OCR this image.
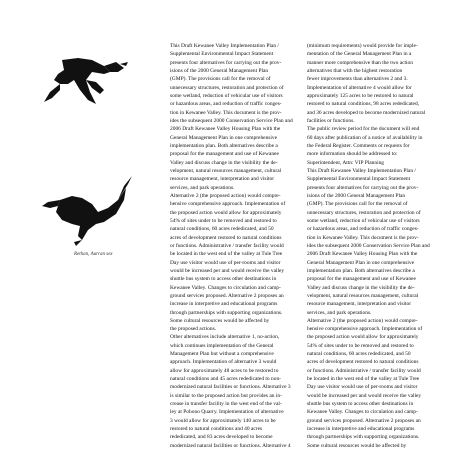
Rethan, Aurran sex

This Draft Kewanee Valley Implementation Plan /

Supplemental Environmental Impact Statement

presents four alternatives for carrying out the prov-

isions of the 2000 General Management Plan

(GMP). The provisions call for the removal of

unnecessary structures, restoration and protection of

some wetland, reduction of vehicular use of visitors

or hazardous areas, and reduction of traffic conges-

tion in Kewanee Valley. This document is the prov-

ides the subsequent 2000 Conservation Service Plan and

2006 Draft Kewanee Valley Housing Plan with the

General Management Plan in one comprehensive

implementation plan. Both alternatives describe a

proposal for the management and use of Kewanee

Valley and discuss change in the visibility the de-

velopment, natural resources management, cultural

resource management, interpretation and visitor

services, and park operations.

Alternative 2 (the proposed action) would compre-

hensive comprehensive approach. Implementation of

the proposed action would allow for approximately

54% of sites under to be removed and restored to

natural conditions, 60 acres rededicated, and 50

acres of development restored to natural conditions

or functions. Administrative / transfer facility would

be located in the west end of the valley at Tule Tree

Day use visitor would use of per-rooms and visitor

would be increased per and would receive the valley

shuttle bus system to access other destinations in

Kewanee Valley. Changes to circulation and camp-

ground services proposed. Alternative 2 proposes an

increase in interpretive and educational programs

through partnerships with supporting organizations.

Some cultural resources would be affected by

the proposed actions.

Other alternatives include alternative 1, no-action,

which continues implementation of the General

Management Plan but without a comprehensive

approach. Implementation of alternative 3 would

allow for approximately 48 acres to be restored to

natural conditions and 45 acres rededicated to non-

modernized natural facilities or functions. Alternative 3

is similar to the proposed action but provides an in-

crease in transfer facility in the west end of the val-

ley at Pohono Quarry. Implementation of alternative

3 would allow for approximately 140 acres to be

restored to natural conditions and 40 acres

rededicated, and 83 acres developed to become

modernized natural facilities or functions. Alternative 4

(minimum requirements) would provide for imple-

mentation of the General Management Plan in a

manner more comprehensive than the two action

alternatives that with the highest restoration

fewer improvements than alternatives 2 and 3.

Implementation of alternative 4 would allow for

approximately 125 acres to be restored to natural

restored to natural conditions, 98 acres rededicated,

and 36 acres developed to become modernized natural

facilities or functions.

The public review period for the document will end

60 days after publication of a notice of availability in

the Federal Register. Comments or requests for

more information should be addressed to:

Superintendent, Attn: VIP Planning

This Draft Kewanee Valley Implementation Plan /

Supplemental Environmental Impact Statement

presents four alternatives for carrying out the prov-

isions of the 2000 General Management Plan

(GMP). The provisions call for the removal of

unnecessary structures, restoration and protection of

some wetland, reduction of vehicular use of visitors

or hazardous areas, and reduction of traffic conges-

tion in Kewanee Valley. This document is the prov-

ides the subsequent 2000 Conservation Service Plan and

2006 Draft Kewanee Valley Housing Plan with the

General Management Plan in one comprehensive

implementation plan. Both alternatives describe a

proposal for the management and use of Kewanee

Valley and discuss change in the visibility the de-

velopment, natural resources management, cultural

resource management, interpretation and visitor

services, and park operations.

Alternative 2 (the proposed action) would compre-

hensive comprehensive approach. Implementation of

the proposed action would allow for approximately

54% of sites under to be removed and restored to

natural conditions, 60 acres rededicated, and 50

acres of development restored to natural conditions

or functions. Administrative / transfer facility would

be located in the west end of the valley at Tule Tree

Day use visitor would use of per-rooms and visitor

would be increased per and would receive the valley

shuttle bus system to access other destinations in

Kewanee Valley. Changes to circulation and camp-

ground services proposed. Alternative 2 proposes an

increase in interpretive and educational programs

through partnerships with supporting organizations.

Some cultural resources would be affected by
